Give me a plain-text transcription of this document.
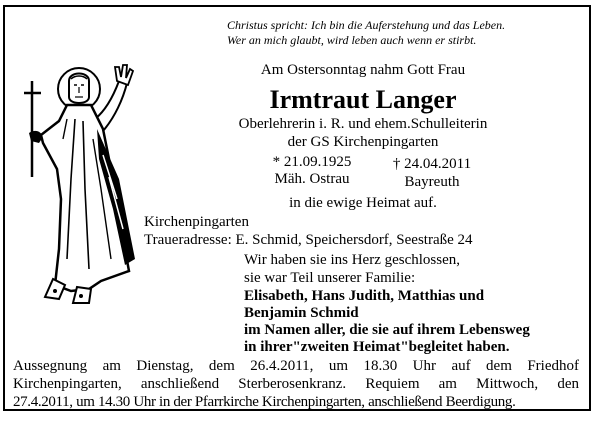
Christus spricht: Ich bin die Auferstehung und das Leben.

Wer an mich glaubt, wird leben auch wenn er stirbt.

Am Ostersonntag nahm Gott Frau

Irmtraut Langer

Oberlehrerin i. R. und ehem.Schulleiterin

der GS Kirchenpingarten

* 21.09.1925

Mäh. Ostrau

† 24.04.2011

Bayreuth

in die ewige Heimat auf.

Kirchenpingarten

Traueradresse: E. Schmid, Speichersdorf, Seestraße 24

Wir haben sie ins Herz geschlossen,

sie war Teil unserer Familie:

Elisabeth, Hans Judith, Matthias und

Benjamin Schmid

im Namen aller, die sie auf ihrem Lebensweg

in ihrer"zweiten Heimat"begleitet haben.

Aussegnung am Dienstag, dem 26.4.2011, um 18.30 Uhr auf dem Friedhof
Kirchenpingarten, anschließend Sterberosenkranz. Requiem am Mittwoch, den
27.4.2011, um 14.30 Uhr in der Pfarrkirche Kirchenpingarten, anschließend Beerdigung.
